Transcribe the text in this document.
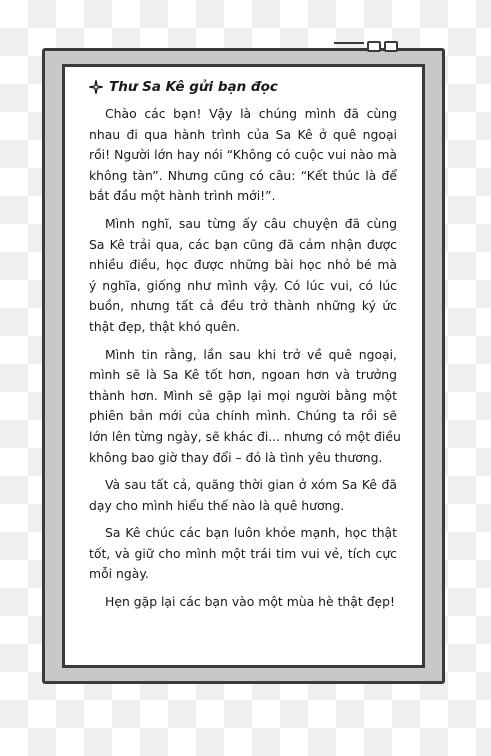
Thư Sa Kê gửi bạn đọc
Chào các bạn! Vậy là chúng mình đã cùng
nhau đi qua hành trình của Sa Kê ở quê ngoại
rồi! Người lớn hay nói “Không có cuộc vui nào mà
không tàn”. Nhưng cũng có câu: “Kết thúc là để
bắt đầu một hành trình mới!”.
Mình nghĩ, sau từng ấy câu chuyện đã cùng
Sa Kê trải qua, các bạn cũng đã cảm nhận được
nhiều điều, học được những bài học nhỏ bé mà
ý nghĩa, giống như mình vậy. Có lúc vui, có lúc
buồn, nhưng tất cả đều trở thành những ký ức
thật đẹp, thật khó quên.
Mình tin rằng, lần sau khi trở về quê ngoại,
mình sẽ là Sa Kê tốt hơn, ngoan hơn và trưởng
thành hơn. Mình sẽ gặp lại mọi người bằng một
phiên bản mới của chính mình. Chúng ta rồi sẽ
lớn lên từng ngày, sẽ khác đi... nhưng có một điều
không bao giờ thay đổi – đó là tình yêu thương.
Và sau tất cả, quãng thời gian ở xóm Sa Kê đã
dạy cho mình hiểu thế nào là quê hương.
Sa Kê chúc các bạn luôn khỏe mạnh, học thật
tốt, và giữ cho mình một trái tim vui vẻ, tích cực
mỗi ngày.
Hẹn gặp lại các bạn vào một mùa hè thật đẹp!
